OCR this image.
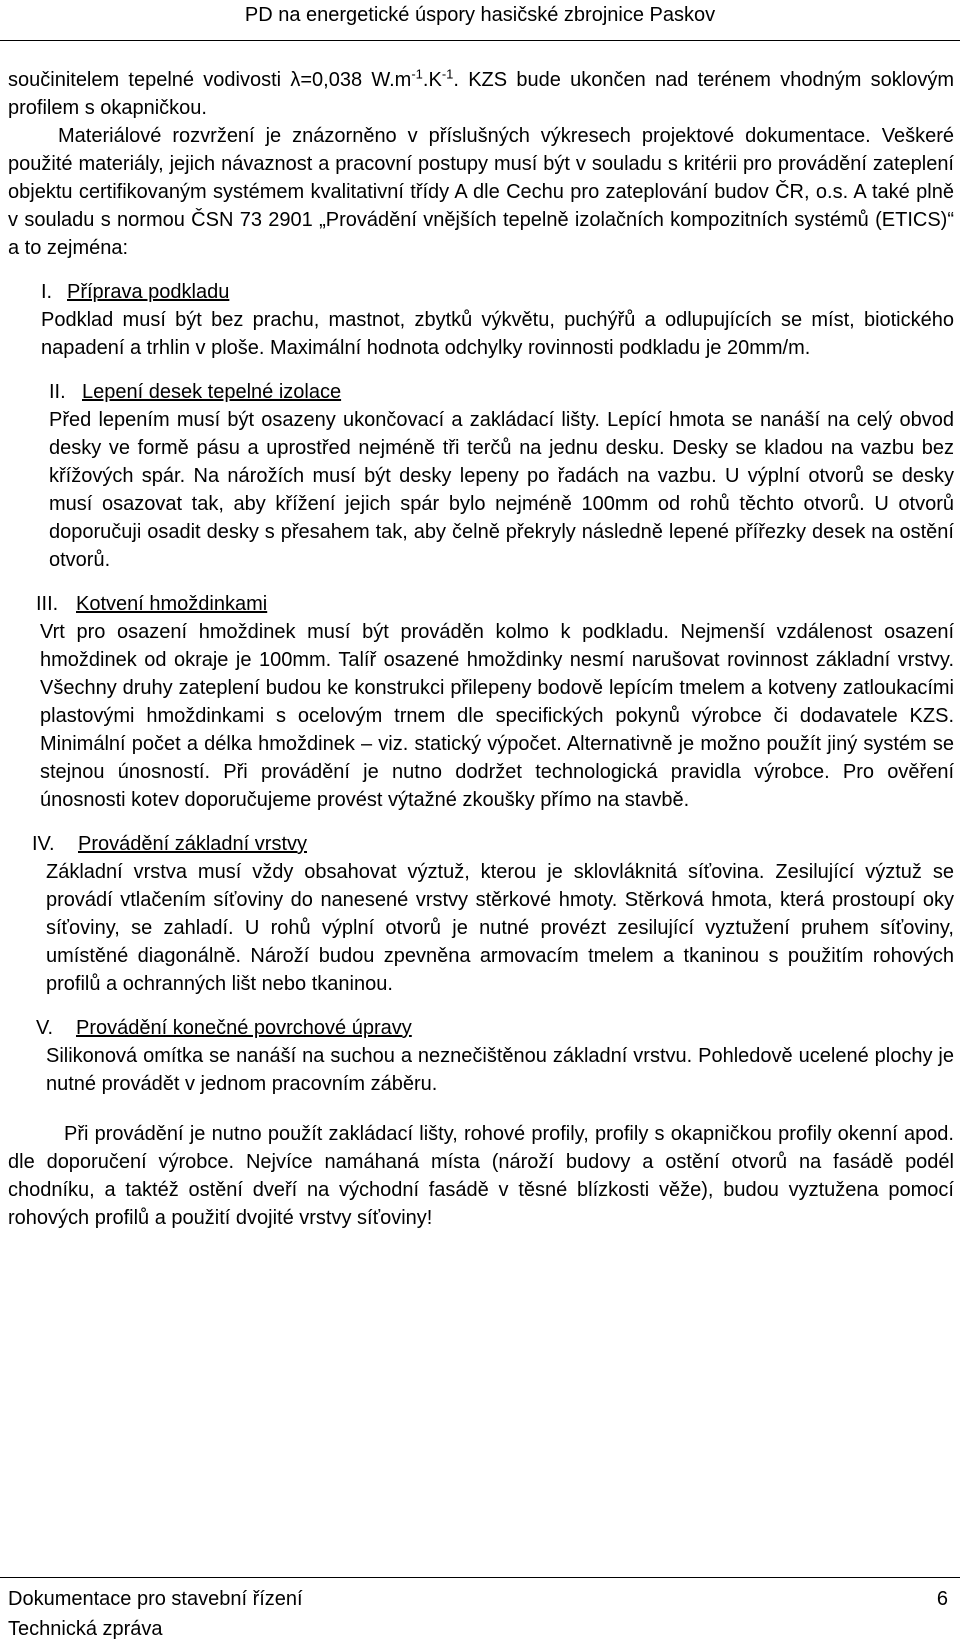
PD na energetické úspory hasičské zbrojnice Paskov

součinitelem tepelné vodivosti λ=0,038 $W.m^{-1}.K^{-1}$. KZS bude ukončen nad terénem vhodným soklovým profilem s okapničkou.

Materiálové rozvržení je znázorněno v příslušných výkresech projektové dokumentace. Veškeré použité materiály, jejich návaznost a pracovní postupy musí být v souladu s kritérii pro provádění zateplení objektu certifikovaným systémem kvalitativní třídy A dle Cechu pro zateplování budov ČR, o.s. A také plně v souladu s normou ČSN 73 2901 „Provádění vnějších tepelně izolačních kompozitních systémů (ETICS)“ a to zejména:

I. Příprava podkladu

Podklad musí být bez prachu, mastnot, zbytků výkvětu, puchýřů a odlupujících se míst, biotického napadení a trhlin v ploše. Maximální hodnota odchylky rovinnosti podkladu je 20mm/m.

II. Lepení desek tepelné izolace

Před lepením musí být osazeny ukončovací a zakládací lišty. Lepící hmota se nanáší na celý obvod desky ve formě pásu a uprostřed nejméně tři terčů na jednu desku. Desky se kladou na vazbu bez křížových spár. Na nárožích musí být desky lepeny po řadách na vazbu. U výplní otvorů se desky musí osazovat tak, aby křížení jejich spár bylo nejméně 100mm od rohů těchto otvorů. U otvorů doporučuji osadit desky s přesahem tak, aby čelně překryly následně lepené přířezky desek na ostění otvorů.

III. Kotvení hmoždinkami

Vrt pro osazení hmoždinek musí být prováděn kolmo k podkladu. Nejmenší vzdálenost osazení hmoždinek od okraje je 100mm. Talíř osazené hmoždinky nesmí narušovat rovinnost základní vrstvy. Všechny druhy zateplení budou ke konstrukci přilepeny bodově lepícím tmelem a kotveny zatloukacími plastovými hmoždinkami s ocelovým trnem dle specifických pokynů výrobce či dodavatele KZS. Minimální počet a délka hmoždinek – viz. statický výpočet. Alternativně je možno použít jiný systém se stejnou únosností. Při provádění je nutno dodržet technologická pravidla výrobce. Pro ověření únosnosti kotev doporučujeme provést výtažné zkoušky přímo na stavbě.

IV. Provádění základní vrstvy

Základní vrstva musí vždy obsahovat výztuž, kterou je sklovláknitá síťovina. Zesilující výztuž se provádí vtlačením síťoviny do nanesené vrstvy stěrkové hmoty. Stěrková hmota, která prostoupí oky síťoviny, se zahladí. U rohů výplní otvorů je nutné provézt zesilující vyztužení pruhem síťoviny, umístěné diagonálně. Nároží budou zpevněna armovacím tmelem a tkaninou s použitím rohových profilů a ochranných lišt nebo tkaninou.

V. Provádění konečné povrchové úpravy

Silikonová omítka se nanáší na suchou a neznečištěnou základní vrstvu. Pohledově ucelené plochy je nutné provádět v jednom pracovním záběru.

Při provádění je nutno použít zakládací lišty, rohové profily, profily s okapničkou profily okenní apod. dle doporučení výrobce. Nejvíce namáhaná místa (nároží budovy a ostění otvorů na fasádě podél chodníku, a taktéž ostění dveří na východní fasádě v těsné blízkosti věže), budou vyztužena pomocí rohových profilů a použití dvojité vrstvy síťoviny!

Dokumentace pro stavební řízení
Technická zpráva
6
